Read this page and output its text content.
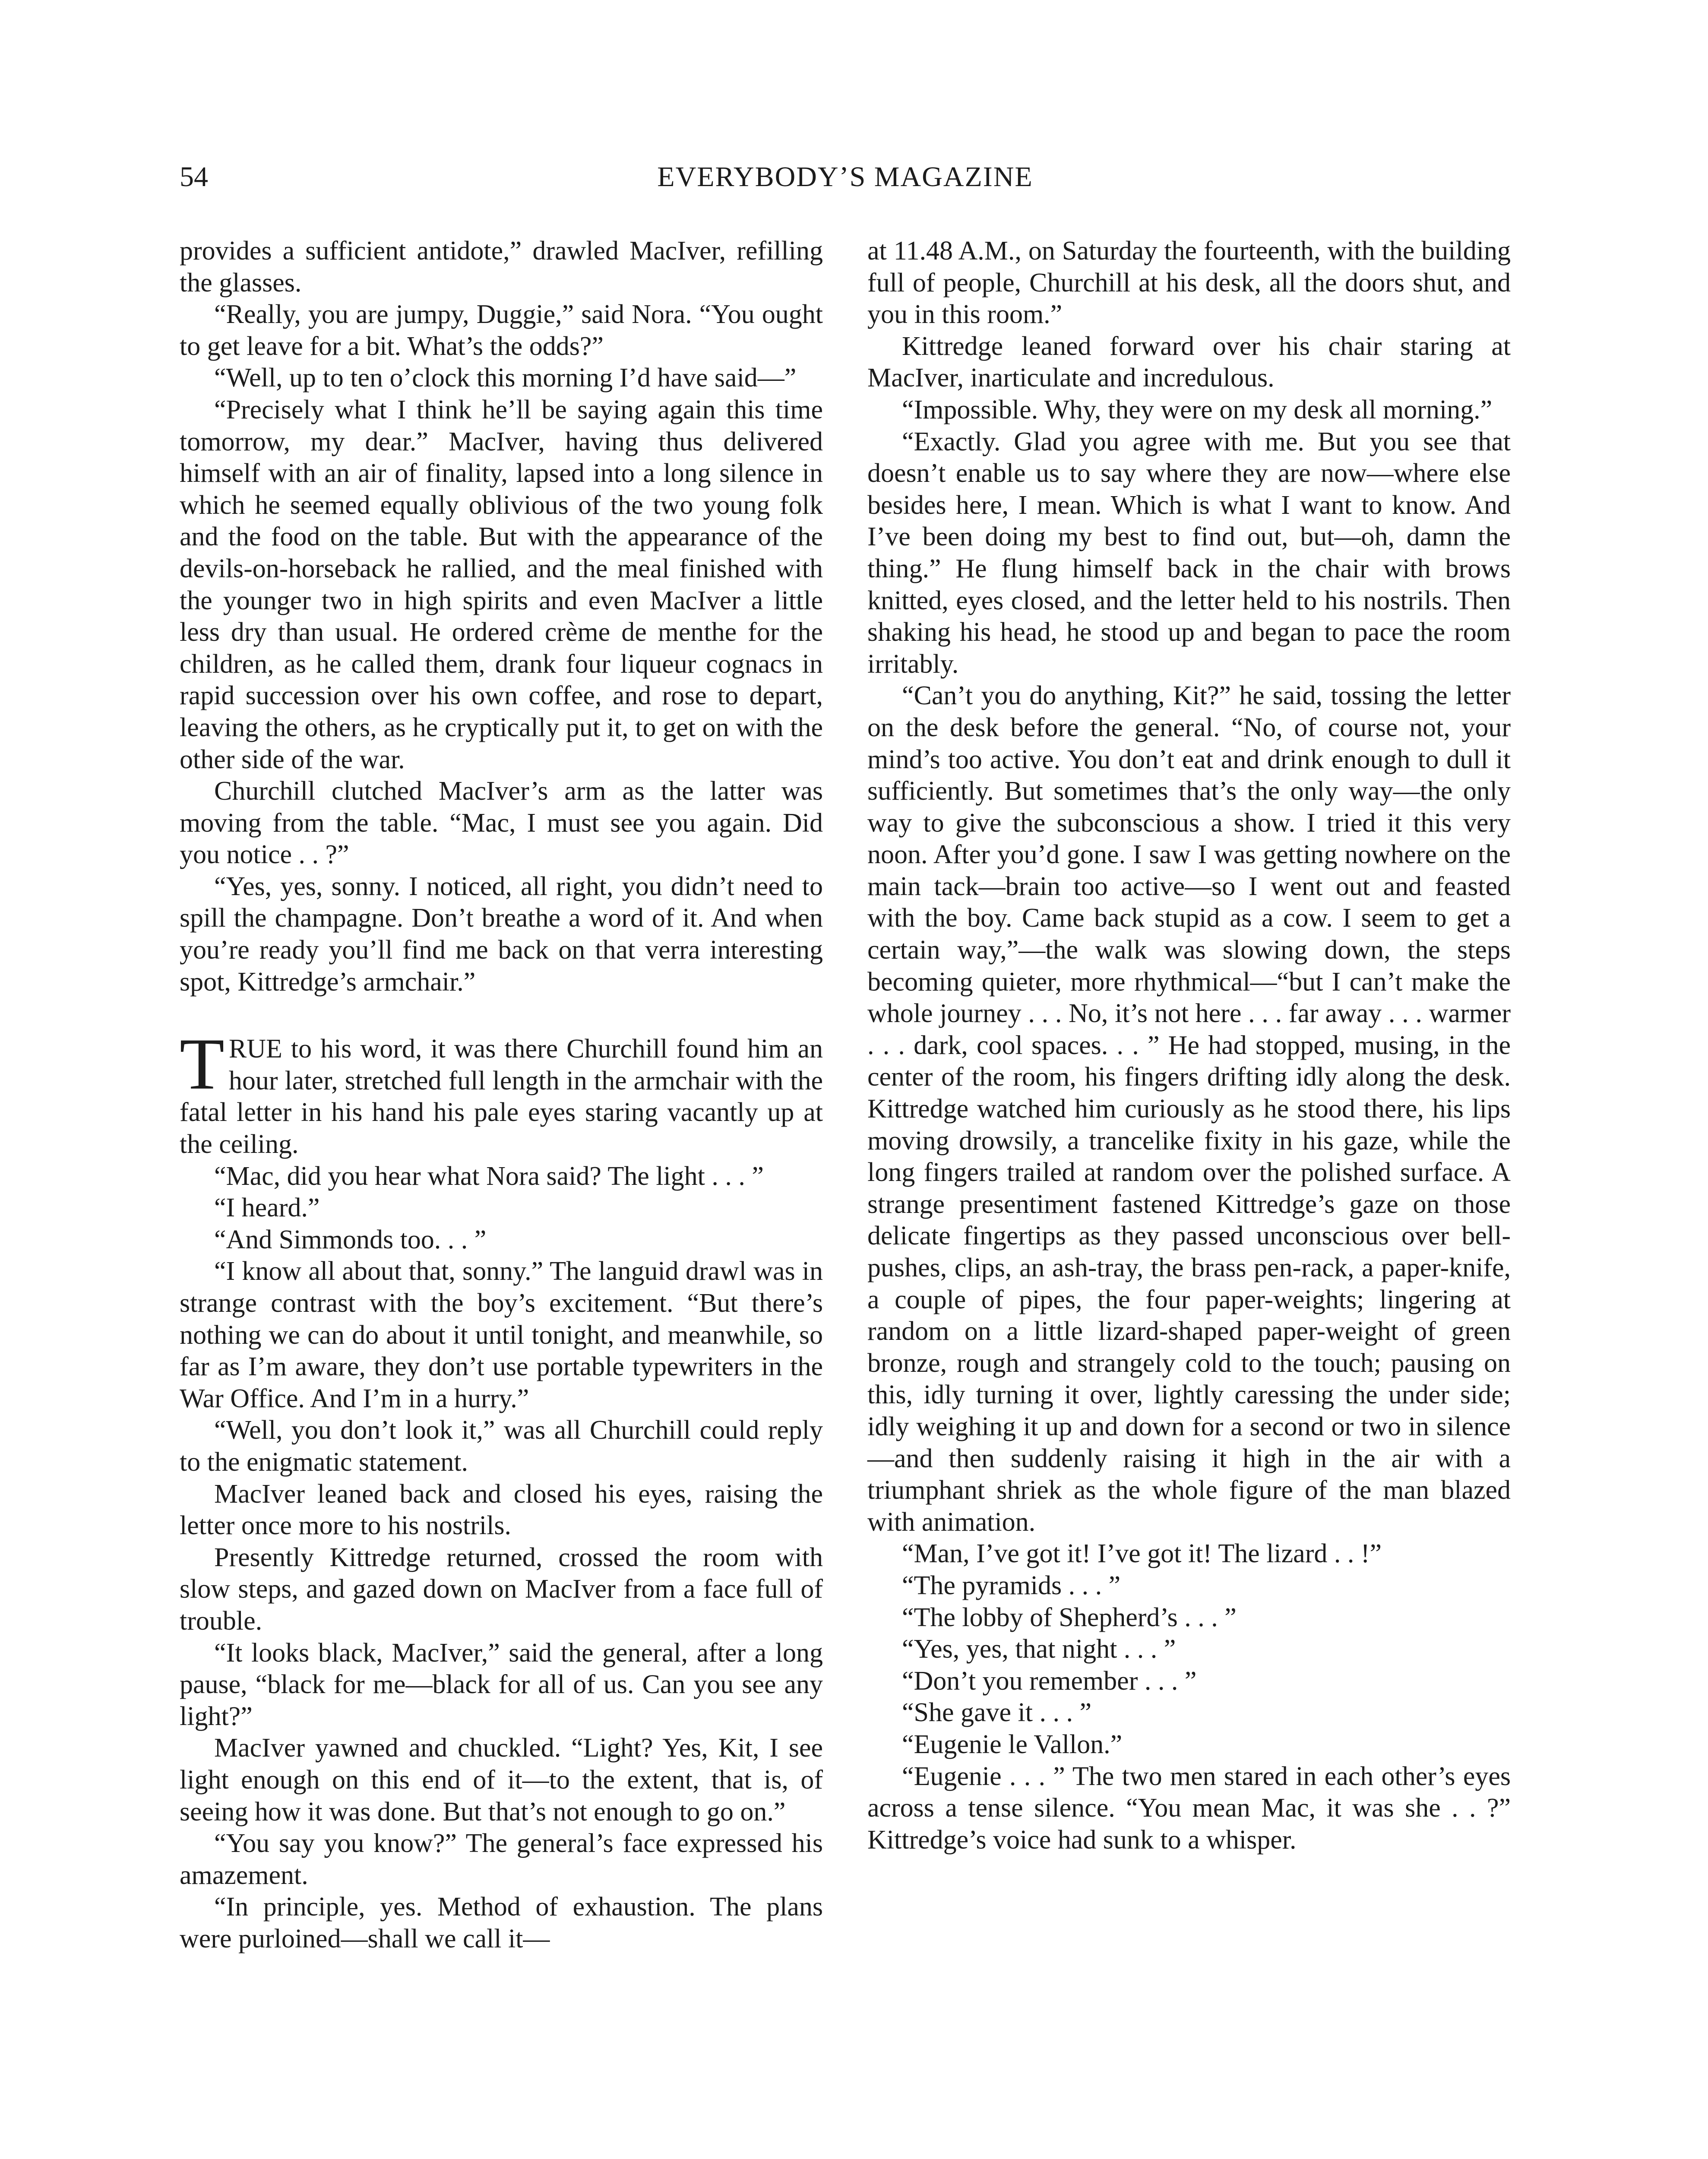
54	EVERYBODY’S MAGAZINE

provides a sufficient antidote,” drawled MacIver, refilling the glasses.

“Really, you are jumpy, Duggie,” said Nora. “You ought to get leave for a bit. What’s the odds?”

“Well, up to ten o’clock this morning I’d have said—”

“Precisely what I think he’ll be saying again this time tomorrow, my dear.” MacIver, having thus delivered himself with an air of finality, lapsed into a long silence in which he seemed equally oblivious of the two young folk and the food on the table. But with the appearance of the devils-on-horseback he rallied, and the meal finished with the younger two in high spirits and even MacIver a little less dry than usual. He ordered crème de menthe for the children, as he called them, drank four liqueur cognacs in rapid succession over his own coffee, and rose to depart, leaving the others, as he cryptically put it, to get on with the other side of the war.

Churchill clutched MacIver’s arm as the latter was moving from the table. “Mac, I must see you again. Did you notice . . ?”

“Yes, yes, sonny. I noticed, all right, you didn’t need to spill the champagne. Don’t breathe a word of it. And when you’re ready you’ll find me back on that verra interesting spot, Kittredge’s armchair.”

TRUE to his word, it was there Churchill found him an hour later, stretched full length in the armchair with the fatal letter in his hand his pale eyes staring vacantly up at the ceiling.

“Mac, did you hear what Nora said? The light . . . ”

“I heard.”

“And Simmonds too. . . ”

“I know all about that, sonny.” The languid drawl was in strange contrast with the boy’s excitement. “But there’s nothing we can do about it until tonight, and meanwhile, so far as I’m aware, they don’t use portable typewriters in the War Office. And I’m in a hurry.”

“Well, you don’t look it,” was all Churchill could reply to the enigmatic statement.

MacIver leaned back and closed his eyes, raising the letter once more to his nostrils.

Presently Kittredge returned, crossed the room with slow steps, and gazed down on MacIver from a face full of trouble.

“It looks black, MacIver,” said the general, after a long pause, “black for me—black for all of us. Can you see any light?”

MacIver yawned and chuckled. “Light? Yes, Kit, I see light enough on this end of it—to the extent, that is, of seeing how it was done. But that’s not enough to go on.”

“You say you know?” The general’s face expressed his amazement.

“In principle, yes. Method of exhaustion. The plans were purloined—shall we call it—

at 11.48 A.M., on Saturday the fourteenth, with the building full of people, Churchill at his desk, all the doors shut, and you in this room.”

Kittredge leaned forward over his chair staring at MacIver, inarticulate and incredulous.

“Impossible. Why, they were on my desk all morning.”

“Exactly. Glad you agree with me. But you see that doesn’t enable us to say where they are now—where else besides here, I mean. Which is what I want to know. And I’ve been doing my best to find out, but—oh, damn the thing.” He flung himself back in the chair with brows knitted, eyes closed, and the letter held to his nostrils. Then shaking his head, he stood up and began to pace the room irritably.

“Can’t you do anything, Kit?” he said, tossing the letter on the desk before the general. “No, of course not, your mind’s too active. You don’t eat and drink enough to dull it sufficiently. But sometimes that’s the only way—the only way to give the subconscious a show. I tried it this very noon. After you’d gone. I saw I was getting nowhere on the main tack—brain too active—so I went out and feasted with the boy. Came back stupid as a cow. I seem to get a certain way,”—the walk was slowing down, the steps becoming quieter, more rhythmical—“but I can’t make the whole journey . . . No, it’s not here . . . far away . . . warmer . . . dark, cool spaces. . . ” He had stopped, musing, in the center of the room, his fingers drifting idly along the desk. Kittredge watched him curiously as he stood there, his lips moving drowsily, a trancelike fixity in his gaze, while the long fingers trailed at random over the polished surface. A strange presentiment fastened Kittredge’s gaze on those delicate fingertips as they passed unconscious over bell-pushes, clips, an ash-tray, the brass pen-rack, a paper-knife, a couple of pipes, the four paper-weights; lingering at random on a little lizard-shaped paper-weight of green bronze, rough and strangely cold to the touch; pausing on this, idly turning it over, lightly caressing the under side; idly weighing it up and down for a second or two in silence—and then suddenly raising it high in the air with a triumphant shriek as the whole figure of the man blazed with animation.

“Man, I’ve got it! I’ve got it! The lizard . . !”

“The pyramids . . . ”

“The lobby of Shepherd’s . . . ”

“Yes, yes, that night . . . ”

“Don’t you remember . . . ”

“She gave it . . . ”

“Eugenie le Vallon.”

“Eugenie . . . ” The two men stared in each other’s eyes across a tense silence. “You mean Mac, it was she . . ?” Kittredge’s voice had sunk to a whisper.
